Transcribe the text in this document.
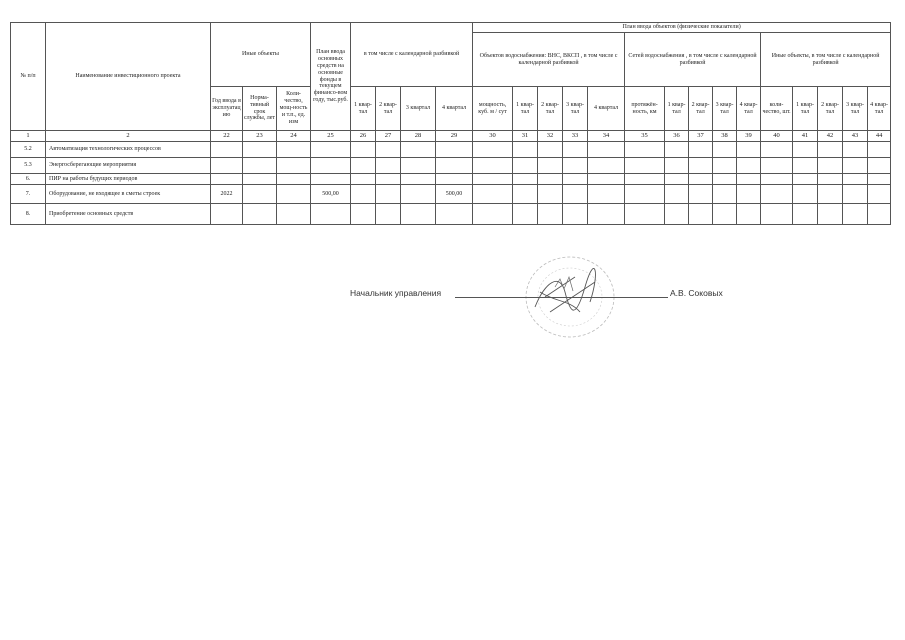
№ п/п	Наименование инвестиционного проекта	Иные объекты			План ввода основных средств на основные фонды в текущем финансо-вом году, тыс.руб.	в том числе с календарной разбивкой				План ввода объектов (физические показатели)														
										Объектов водоснабжения: ВНС, ВКСП , в том числе с календарной разбивкой					Сетей водоснабжения , в том числе с календарной разбивкой					Иные объекты, в том числе с календарной разбивкой				
		Год ввода в эксплуатацию	Норма-тивный срок службы, лет	Коли-чество, мощ-ность и т.п., ед. изм		1 квар-тал	2 квар-тал	3 квартал	4 квартал	мощность, куб. м / сут	1 квар-тал	2 квар-тал	3 квар-тал	4 квартал	протяжён-ность, км	1 квар-тал	2 квар-тал	3 квар-тал	4 квар-тал	коли-чество, шт.	1 квар-тал	2 квар-тал	3 квар-тал	4 квар-тал
1	2	22	23	24	25	26	27	28	29	30	31	32	33	34	35	36	37	38	39	40	41	42	43	44
5.2	Автоматизация технологических процессов																							
5.3	Энергосберегающие мероприятия																							
6.	ПИР на работы будущих периодов																							
7.	Оборудование, не входящее в сметы строек	2022			500,00				500,00															
8.	Приобретение основных средств																							
Начальник управления	А.В. Соковых
